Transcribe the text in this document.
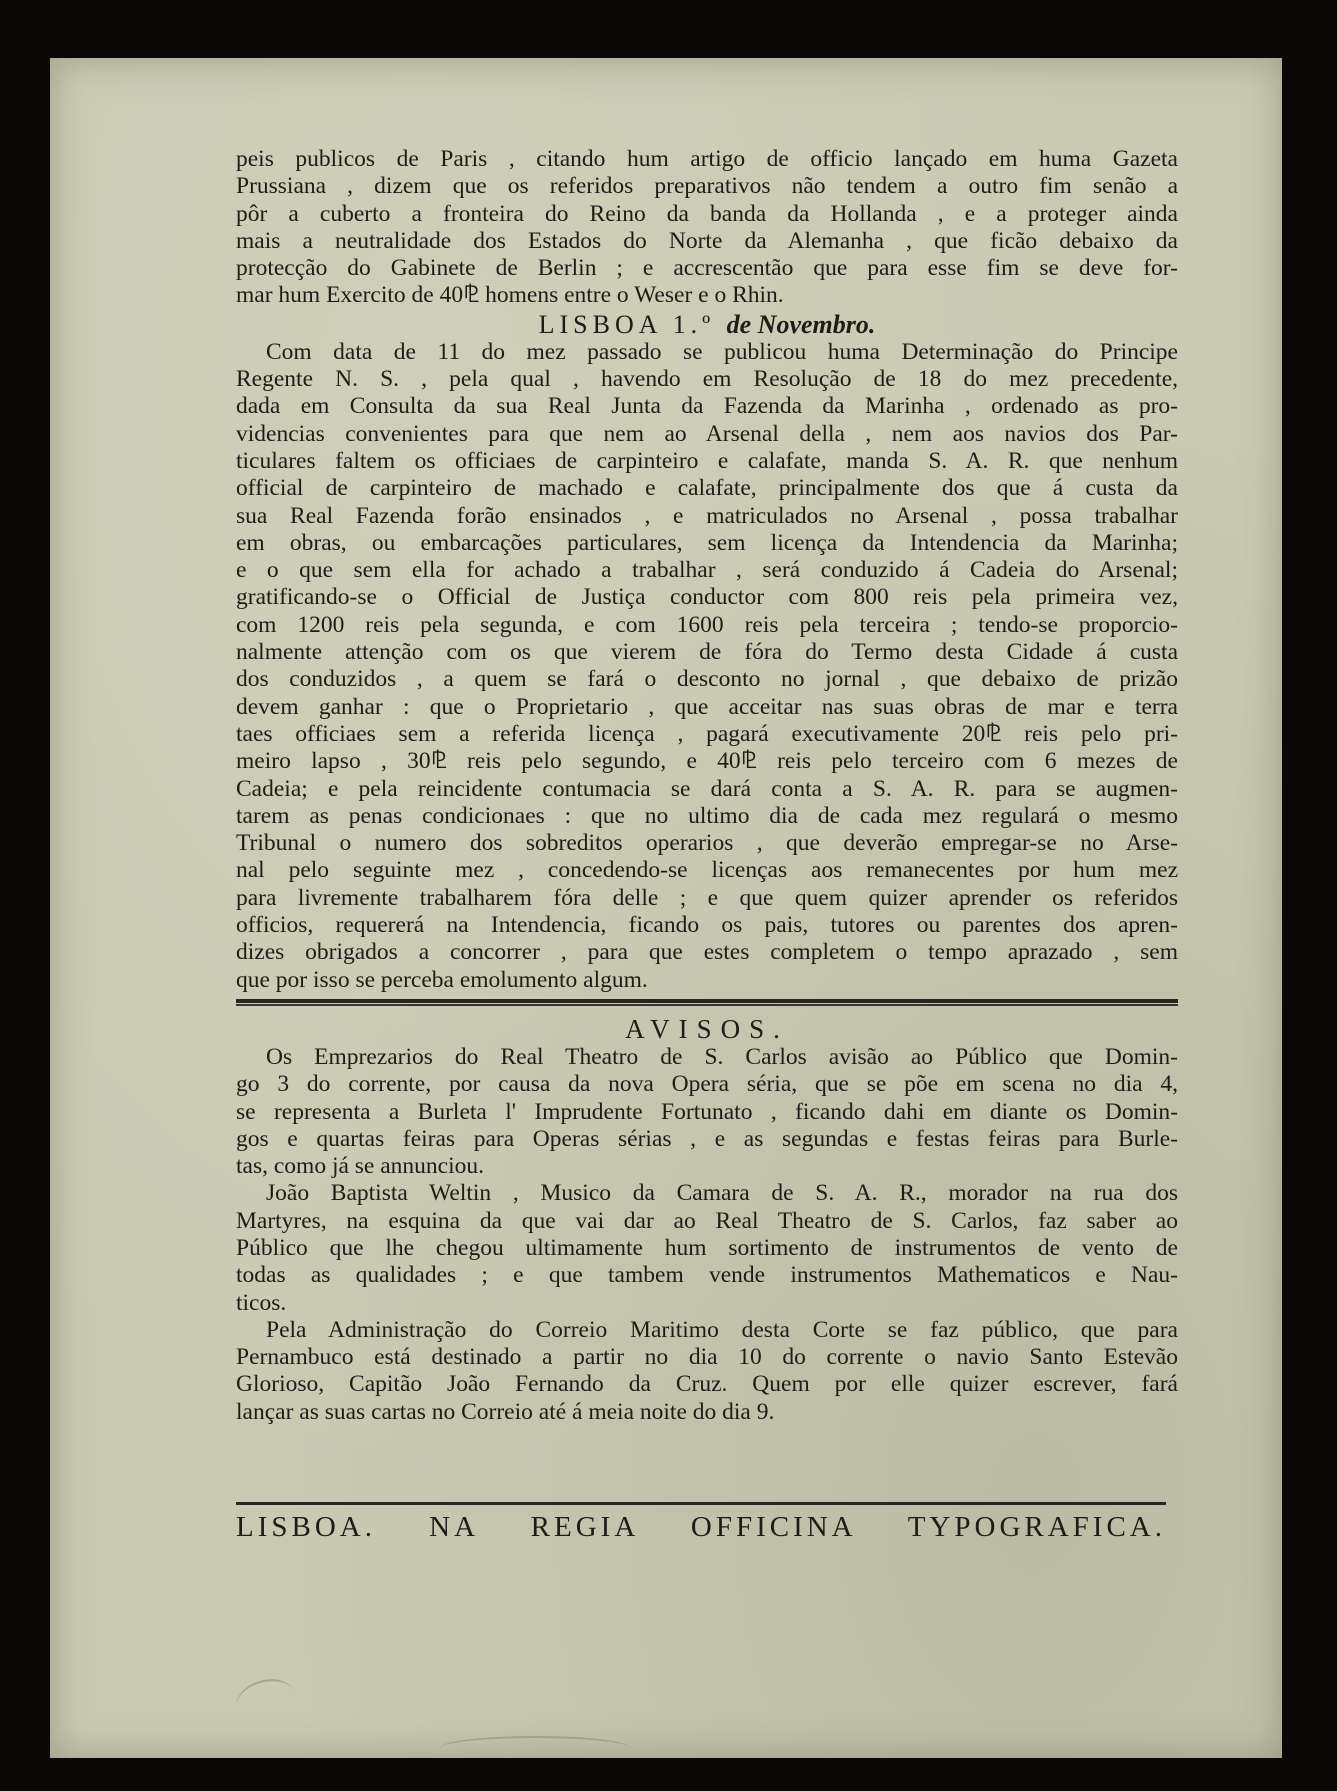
peis publicos de Paris , citando hum artigo de officio lançado em huma Gazeta
Prussiana , dizem que os referidos preparativos não tendem a outro fim senão a
pôr a cuberto a fronteira do Reino da banda da Hollanda , e a proteger ainda
mais a neutralidade dos Estados do Norte da Alemanha , que ficão debaixo da
protecção do Gabinete de Berlin ; e accrescentão que para esse fim se deve for-
mar hum Exercito de 40⅊ homens entre o Weser e o Rhin.
LISBOA 1.º de Novembro.
Com data de 11 do mez passado se publicou huma Determinação do Principe
Regente N. S. , pela qual , havendo em Resolução de 18 do mez precedente,
dada em Consulta da sua Real Junta da Fazenda da Marinha , ordenado as pro-
videncias convenientes para que nem ao Arsenal della , nem aos navios dos Par-
ticulares faltem os officiaes de carpinteiro e calafate, manda S. A. R. que nenhum
official de carpinteiro de machado e calafate, principalmente dos que á custa da
sua Real Fazenda forão ensinados , e matriculados no Arsenal , possa trabalhar
em obras, ou embarcações particulares, sem licença da Intendencia da Marinha;
e o que sem ella for achado a trabalhar , será conduzido á Cadeia do Arsenal;
gratificando-se o Official de Justiça conductor com 800 reis pela primeira vez,
com 1200 reis pela segunda, e com 1600 reis pela terceira ; tendo-se proporcio-
nalmente attenção com os que vierem de fóra do Termo desta Cidade á custa
dos conduzidos , a quem se fará o desconto no jornal , que debaixo de prizão
devem ganhar : que o Proprietario , que acceitar nas suas obras de mar e terra
taes officiaes sem a referida licença , pagará executivamente 20⅊ reis pelo pri-
meiro lapso , 30⅊ reis pelo segundo, e 40⅊ reis pelo terceiro com 6 mezes de
Cadeia; e pela reincidente contumacia se dará conta a S. A. R. para se augmen-
tarem as penas condicionaes : que no ultimo dia de cada mez regulará o mesmo
Tribunal o numero dos sobreditos operarios , que deverão empregar-se no Arse-
nal pelo seguinte mez , concedendo-se licenças aos remanecentes por hum mez
para livremente trabalharem fóra delle ; e que quem quizer aprender os referidos
officios, requererá na Intendencia, ficando os pais, tutores ou parentes dos apren-
dizes obrigados a concorrer , para que estes completem o tempo aprazado , sem
que por isso se perceba emolumento algum.
AVISOS.
Os Emprezarios do Real Theatro de S. Carlos avisão ao Público que Domin-
go 3 do corrente, por causa da nova Opera séria, que se põe em scena no dia 4,
se representa a Burleta l' Imprudente Fortunato , ficando dahi em diante os Domin-
gos e quartas feiras para Operas sérias , e as segundas e festas feiras para Burle-
tas, como já se annunciou.
João Baptista Weltin , Musico da Camara de S. A. R., morador na rua dos
Martyres, na esquina da que vai dar ao Real Theatro de S. Carlos, faz saber ao
Público que lhe chegou ultimamente hum sortimento de instrumentos de vento de
todas as qualidades ; e que tambem vende instrumentos Mathematicos e Nau-
ticos.
Pela Administração do Correio Maritimo desta Corte se faz público, que para
Pernambuco está destinado a partir no dia 10 do corrente o navio Santo Estevão
Glorioso, Capitão João Fernando da Cruz. Quem por elle quizer escrever, fará
lançar as suas cartas no Correio até á meia noite do dia 9.
LISBOA. NA REGIA OFFICINA TYPOGRAFICA.
